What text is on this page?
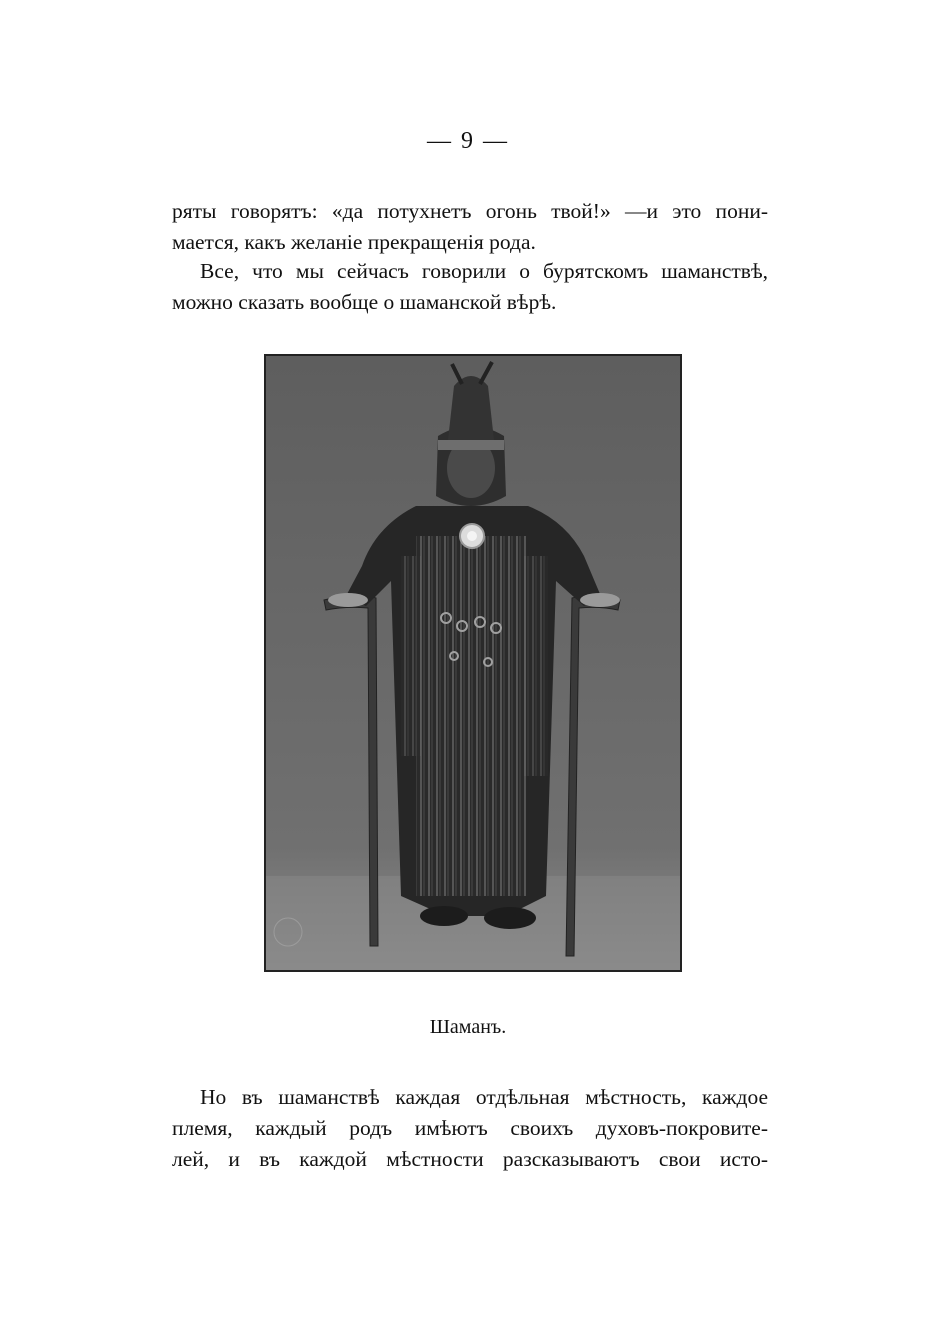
— 9 —
ряты говорятъ: «да потухнетъ огонь твой!» —и это пони-
мается, какъ желаніе прекращенія рода.
Все, что мы сейчасъ говорили о бурятскомъ шаманствѣ,
можно сказать вообще о шаманской вѣрѣ.
Шаманъ.
Но въ шаманствѣ каждая отдѣльная мѣстность, каждое
племя, каждый родъ имѣютъ своихъ духовъ-покровите-
лей, и въ каждой мѣстности разсказываютъ свои исто-
